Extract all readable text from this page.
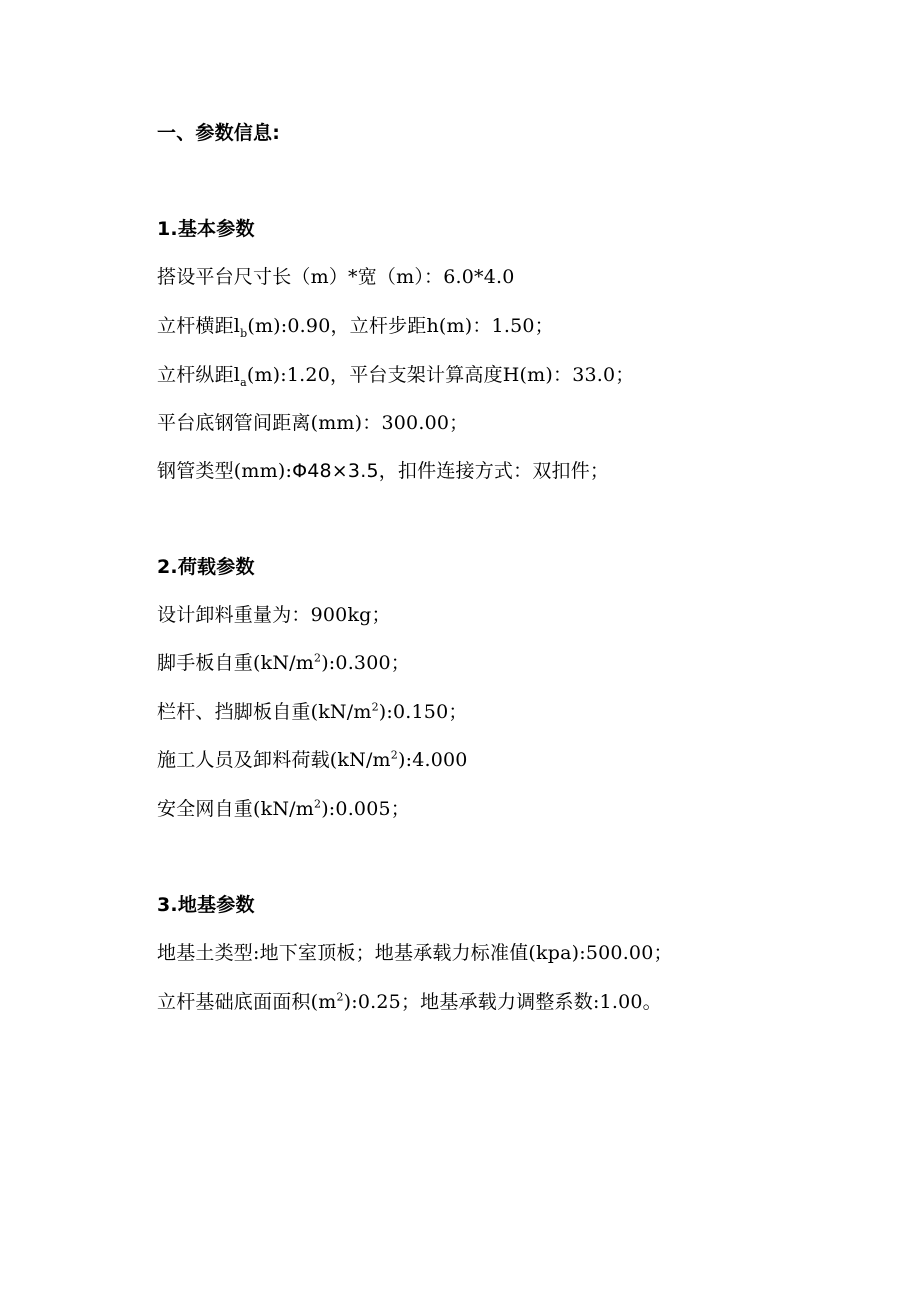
一、参数信息:
1.基本参数
搭设平台尺寸长（m）*宽（m）：6.0*4.0
立杆横距$l_b(m):0.90$，立杆步距h(m)：1.50；
立杆纵距$l_a(m):1.20$，平台支架计算高度H(m)：33.0；
平台底钢管间距离(mm)：300.00；
钢管类型(mm):Φ48×3.5，扣件连接方式：双扣件；
2.荷载参数
设计卸料重量为：900kg；
脚手板自重$(kN/m^2):0.300$；
栏杆、挡脚板自重$(kN/m^2):0.150$；
施工人员及卸料荷载$(kN/m^2):4.000$
安全网自重$(kN/m^2):0.005$；
3.地基参数
地基土类型:地下室顶板；地基承载力标准值(kpa):500.00；
立杆基础底面面积$(m^2):0.25$；地基承载力调整系数:1.00。
